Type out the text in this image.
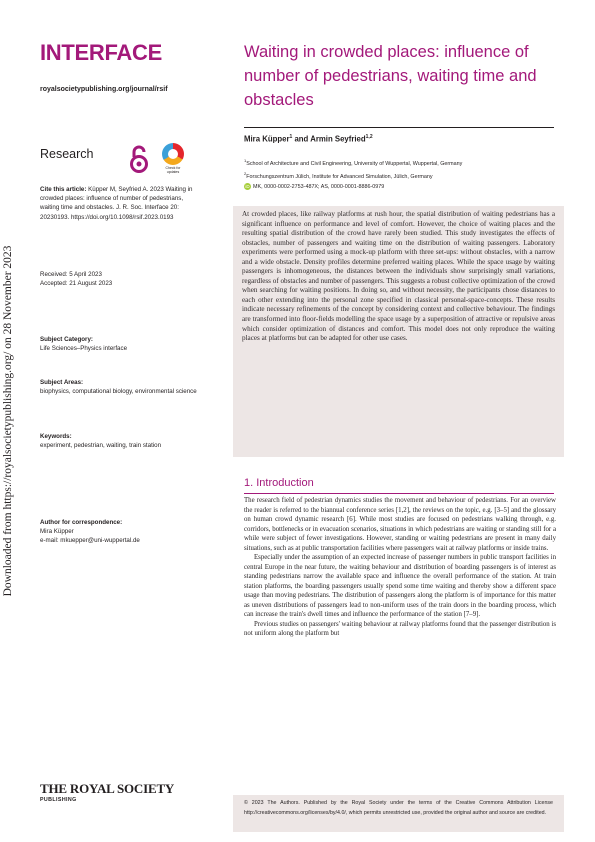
Downloaded from https://royalsocietypublishing.org/ on 28 November 2023
INTERFACE
royalsocietypublishing.org/journal/rsif
Research
Check for updates
Cite this article: Küpper M, Seyfried A. 2023 Waiting in crowded places: influence of number of pedestrians, waiting time and obstacles. J. R. Soc. Interface 20: 20230193. https://doi.org/10.1098/rsif.2023.0193
Received: 5 April 2023
Accepted: 21 August 2023
Subject Category:
Life Sciences–Physics interface
Subject Areas:
biophysics, computational biology, environmental science
Keywords:
experiment, pedestrian, waiting, train station
Author for correspondence:
Mira Küpper
e-mail: mkuepper@uni-wuppertal.de
Waiting in crowded places: influence of number of pedestrians, waiting time and obstacles
Mira Küpper$^1$ and Armin Seyfried$^{1,2}$
$^1$School of Architecture and Civil Engineering, University of Wuppertal, Wuppertal, Germany
$^2$Forschungszentrum Jülich, Institute for Advanced Simulation, Jülich, Germany
iD MK, 0000-0002-2753-487X; AS, 0000-0001-8886-0979
At crowded places, like railway platforms at rush hour, the spatial distribution of waiting pedestrians has a significant influence on performance and level of comfort. However, the choice of waiting places and the resulting spatial distribution of the crowd have rarely been studied. This study investigates the effects of obstacles, number of passengers and waiting time on the distribution of waiting passengers. Laboratory experiments were performed using a mock-up platform with three set-ups: without obstacles, with a narrow and a wide obstacle. Density profiles determine preferred waiting places. While the space usage by waiting passengers is inhomogeneous, the distances between the individuals show surprisingly small variations, regardless of obstacles and number of passengers. This suggests a robust collective optimization of the crowd when searching for waiting positions. In doing so, and without necessity, the participants chose distances to each other extending into the personal zone specified in classical personal-space-concepts. These results indicate necessary refinements of the concept by considering context and collective behaviour. The findings are transformed into floor-fields modelling the space usage by a superposition of attractive or repulsive areas which consider optimization of distances and comfort. This model does not only reproduce the waiting places at platforms but can be adapted for other use cases.
1. Introduction

The research field of pedestrian dynamics studies the movement and behaviour of pedestrians. For an overview the reader is referred to the biannual conference series [1,2], the reviews on the topic, e.g. [3–5] and the glossary on human crowd dynamic research [6]. While most studies are focused on pedestrians walking through, e.g. corridors, bottlenecks or in evacuation scenarios, situations in which pedestrians are waiting or standing still for a while were subject of fewer investigations. However, standing or waiting pedestrians are present in many daily situations, such as at public transportation facilities where passengers wait at railway platforms or inside trains.

Especially under the assumption of an expected increase of passenger numbers in public transport facilities in central Europe in the near future, the waiting behaviour and distribution of boarding passengers is of interest as standing pedestrians narrow the available space and influence the overall performance of the station. At train station platforms, the boarding passengers usually spend some time waiting and thereby show a different space usage than moving pedestrians. The distribution of passengers along the platform is of importance for this matter as uneven distributions of passengers lead to non-uniform uses of the train doors in the boarding process, which can increase the train's dwell times and influence the performance of the station [7–9].

Previous studies on passengers' waiting behaviour at railway platforms found that the passenger distribution is not uniform along the platform but

THE ROYAL SOCIETY
PUBLISHING	© 2023 The Authors. Published by the Royal Society under the terms of the Creative Commons Attribution License http://creativecommons.org/licenses/by/4.0/, which permits unrestricted use, provided the original author and source are credited.
